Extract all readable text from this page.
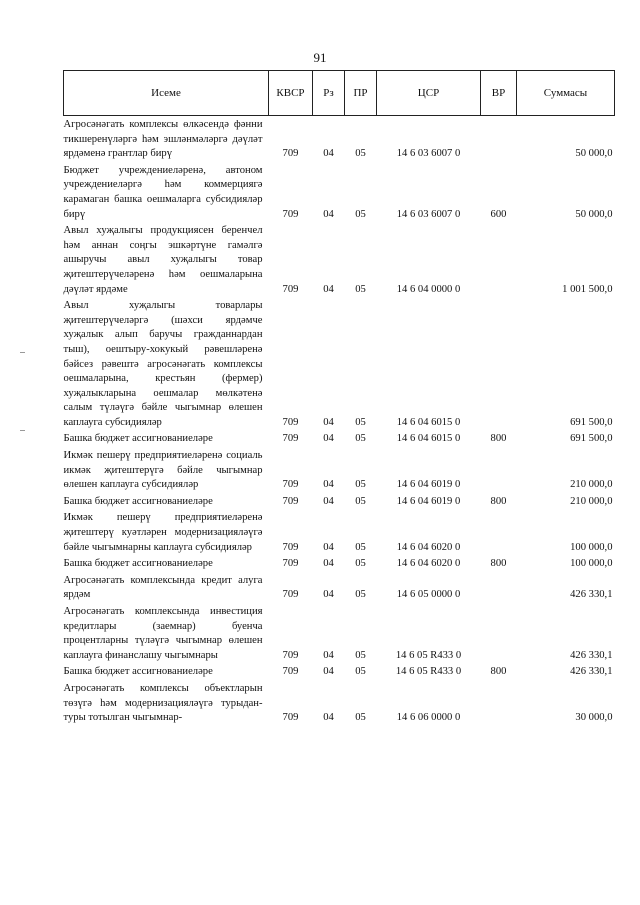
91
Исеме	КВСР	Рз	ПР	ЦСР	ВР	Суммасы
Агросәнәгать комплексы өлкәсендә фәнни тикшеренүләргә һәм эшләнмәләргә дәүләт ярдәменә грантлар бирү	709	04	05	14 6 03 6007 0		50 000,0
Бюджет учреждениеләренә, автоном учреждениеләргә һәм коммерциягә карамаган башка оешмаларга субсидияләр бирү	709	04	05	14 6 03 6007 0	600	50 000,0
Авыл хуҗалыгы продукциясен беренчел һәм аннан соңгы эшкәртүне гамәлгә ашыручы авыл хуҗалыгы товар җитештерүчеләренә һәм оешмаларына дәүләт ярдәме	709	04	05	14 6 04 0000 0		1 001 500,0
Авыл хуҗалыгы товарлары җитештерүчеләргә (шәхси ярдәмче хуҗалык алып баручы гражданнардан тыш), оештыру-хокукый рәвешләренә бәйсез рәвештә агросәнәгать комплексы оешмаларына, крестьян (фермер) хуҗалыкларына оешмалар мөлкәтенә салым түләүгә бәйле чыгымнар өлешен каплауга субсидияләр	709	04	05	14 6 04 6015 0		691 500,0
Башка бюджет ассигнованиеләре	709	04	05	14 6 04 6015 0	800	691 500,0
Икмәк пешерү предприятиеләренә социаль икмәк җитештерүгә бәйле чыгымнар өлешен каплауга субсидияләр	709	04	05	14 6 04 6019 0		210 000,0
Башка бюджет ассигнованиеләре	709	04	05	14 6 04 6019 0	800	210 000,0
Икмәк пешерү предприятиеләренә җитештерү куәтләрен модернизацияләүгә бәйле чыгымнарны каплауга субсидияләр	709	04	05	14 6 04 6020 0		100 000,0
Башка бюджет ассигнованиеләре	709	04	05	14 6 04 6020 0	800	100 000,0
Агросәнәгать комплексында кредит алуга ярдәм	709	04	05	14 6 05 0000 0		426 330,1
Агросәнәгать комплексында инвестиция кредитлары (заемнар) буенча процентларны түләүгә чыгымнар өлешен каплауга финанслашу чыгымнары	709	04	05	14 6 05 R433 0		426 330,1
Башка бюджет ассигнованиеләре	709	04	05	14 6 05 R433 0	800	426 330,1
Агросәнәгать комплексы объектларын төзүгә һәм модернизацияләүгә турыдан-туры тотылган чыгымнар-	709	04	05	14 6 06 0000 0		30 000,0
